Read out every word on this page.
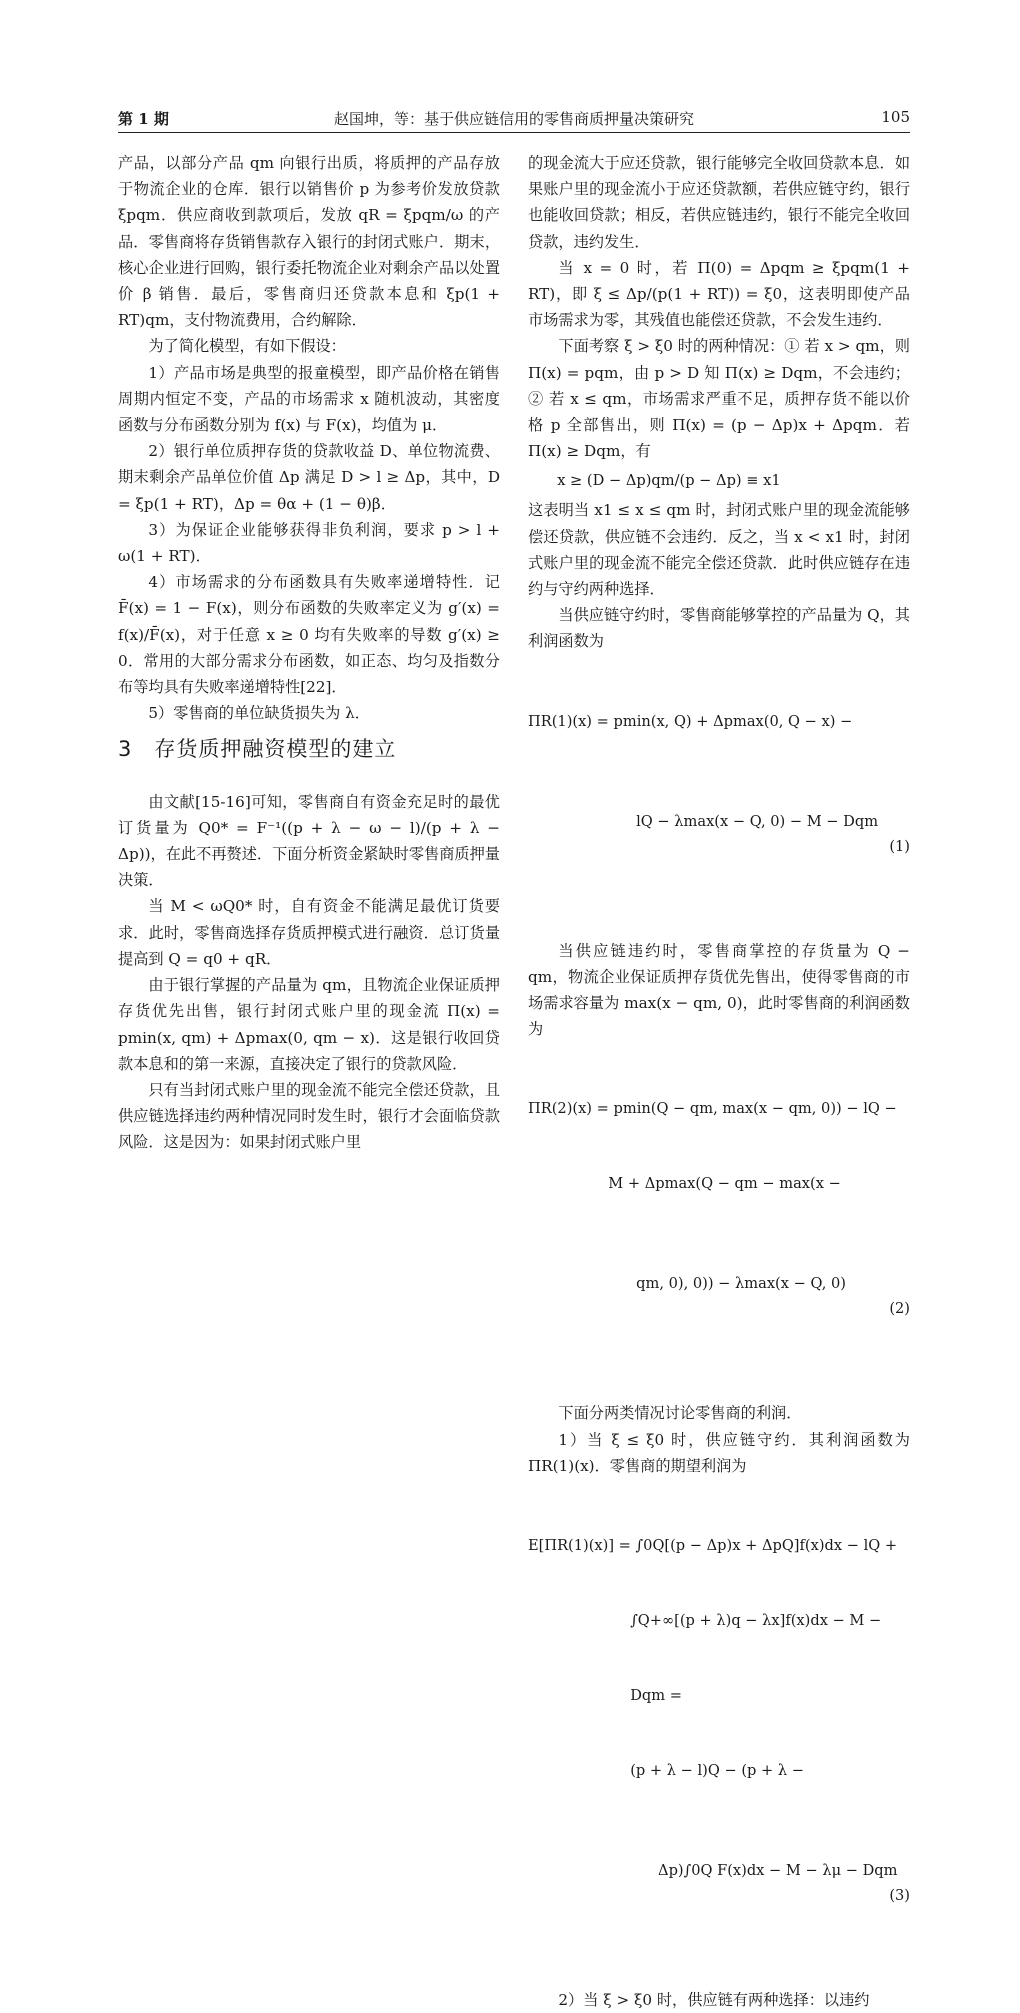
第 1 期	赵国坤，等：基于供应链信用的零售商质押量决策研究	105

产品，以部分产品 qm 向银行出质，将质押的产品存放于物流企业的仓库．银行以销售价 p 为参考价发放贷款 ξpqm．供应商收到款项后，发放 qR = ξpqm/ω 的产品．零售商将存货销售款存入银行的封闭式账户．期末，核心企业进行回购，银行委托物流企业对剩余产品以处置价 β 销售．最后，零售商归还贷款本息和 ξp(1 + RT)qm，支付物流费用，合约解除．

为了简化模型，有如下假设：

1）产品市场是典型的报童模型，即产品价格在销售周期内恒定不变，产品的市场需求 x 随机波动，其密度函数与分布函数分别为 f(x) 与 F(x)，均值为 μ．

2）银行单位质押存货的贷款收益 D、单位物流费、期末剩余产品单位价值 Δp 满足 D > l ≥ Δp，其中，D = ξp(1 + RT)，Δp = θα + (1 − θ)β．

3）为保证企业能够获得非负利润，要求 p > l + ω(1 + RT)．

4）市场需求的分布函数具有失败率递增特性．记 F̄(x) = 1 − F(x)，则分布函数的失败率定义为 g′(x) = f(x)/F̄(x)，对于任意 x ≥ 0 均有失败率的导数 g′(x) ≥ 0．常用的大部分需求分布函数，如正态、均匀及指数分布等均具有失败率递增特性[22]．

5）零售商的单位缺货损失为 λ．

3　存货质押融资模型的建立

由文献[15-16]可知，零售商自有资金充足时的最优订货量为 Q0* = F⁻¹((p + λ − ω − l)/(p + λ − Δp))，在此不再赘述．下面分析资金紧缺时零售商质押量决策．

当 M < ωQ0* 时，自有资金不能满足最优订货要求．此时，零售商选择存货质押模式进行融资．总订货量提高到 Q = q0 + qR．

由于银行掌握的产品量为 qm，且物流企业保证质押存货优先出售，银行封闭式账户里的现金流 Π(x) = pmin(x, qm) + Δpmax(0, qm − x)．这是银行收回贷款本息和的第一来源，直接决定了银行的贷款风险．

只有当封闭式账户里的现金流不能完全偿还贷款，且供应链选择违约两种情况同时发生时，银行才会面临贷款风险．这是因为：如果封闭式账户里

的现金流大于应还贷款，银行能够完全收回贷款本息．如果账户里的现金流小于应还贷款额，若供应链守约，银行也能收回贷款；相反，若供应链违约，银行不能完全收回贷款，违约发生．

当 x = 0 时，若 Π(0) = Δpqm ≥ ξpqm(1 + RT)，即 ξ ≤ Δp/(p(1 + RT)) = ξ0，这表明即使产品市场需求为零，其残值也能偿还贷款，不会发生违约．

下面考察 ξ > ξ0 时的两种情况：① 若 x > qm，则 Π(x) = pqm，由 p > D 知 Π(x) ≥ Dqm，不会违约；② 若 x ≤ qm，市场需求严重不足，质押存货不能以价格 p 全部售出，则 Π(x) = (p − Δp)x + Δpqm．若 Π(x) ≥ Dqm，有

x ≥ (D − Δp)qm/(p − Δp) ≡ x1

这表明当 x1 ≤ x ≤ qm 时，封闭式账户里的现金流能够偿还贷款，供应链不会违约．反之，当 x < x1 时，封闭式账户里的现金流不能完全偿还贷款．此时供应链存在违约与守约两种选择．

当供应链守约时，零售商能够掌控的产品量为 Q，其利润函数为

ΠR(1)(x) = pmin(x, Q) + Δpmax(0, Q − x) −

lQ − λmax(x − Q, 0) − M − Dqm

(1)

当供应链违约时，零售商掌控的存货量为 Q − qm，物流企业保证质押存货优先售出，使得零售商的市场需求容量为 max(x − qm, 0)，此时零售商的利润函数为

ΠR(2)(x) = pmin(Q − qm, max(x − qm, 0)) − lQ −

M + Δpmax(Q − qm − max(x −

qm, 0), 0)) − λmax(x − Q, 0)

(2)

下面分两类情况讨论零售商的利润．

1）当 ξ ≤ ξ0 时，供应链守约．其利润函数为 ΠR(1)(x)．零售商的期望利润为

E[ΠR(1)(x)] = ∫0Q[(p − Δp)x + ΔpQ]f(x)dx − lQ +

∫Q+∞[(p + λ)q − λx]f(x)dx − M −

Dqm =

(p + λ − l)Q − (p + λ −

Δp)∫0Q F(x)dx − M − λμ − Dqm

(3)

2）当 ξ > ξ0 时，供应链有两种选择：以违约
